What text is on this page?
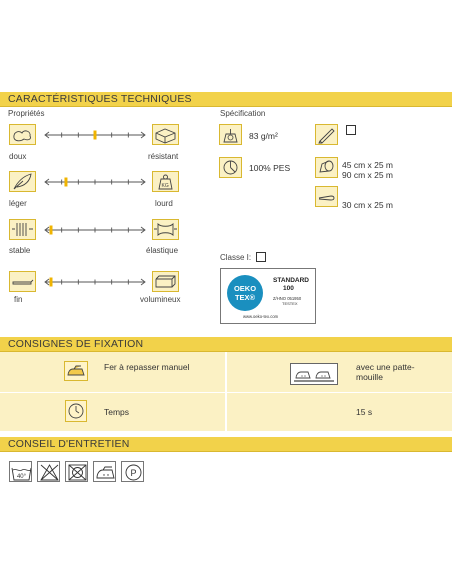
CARACTÉRISTIQUES TECHNIQUES
Propriétés	Spécification
doux	résistant
KG
léger	lourd
stable	élastique
fin	volumineux
83 g/m²
100% PES	45 cm x 25 m
90 cm x 25 m
30 cm x 25 m
Classe I:
OEKO
TEX®
STANDARD
100
Z/HNO 051950
TESTEX
www.oeko-tex.com
CONSIGNES DE FIXATION
Fer à repasser manuel	avec une patte-mouille
Temps	15 s
CONSEIL D'ENTRETIEN
40°	P
